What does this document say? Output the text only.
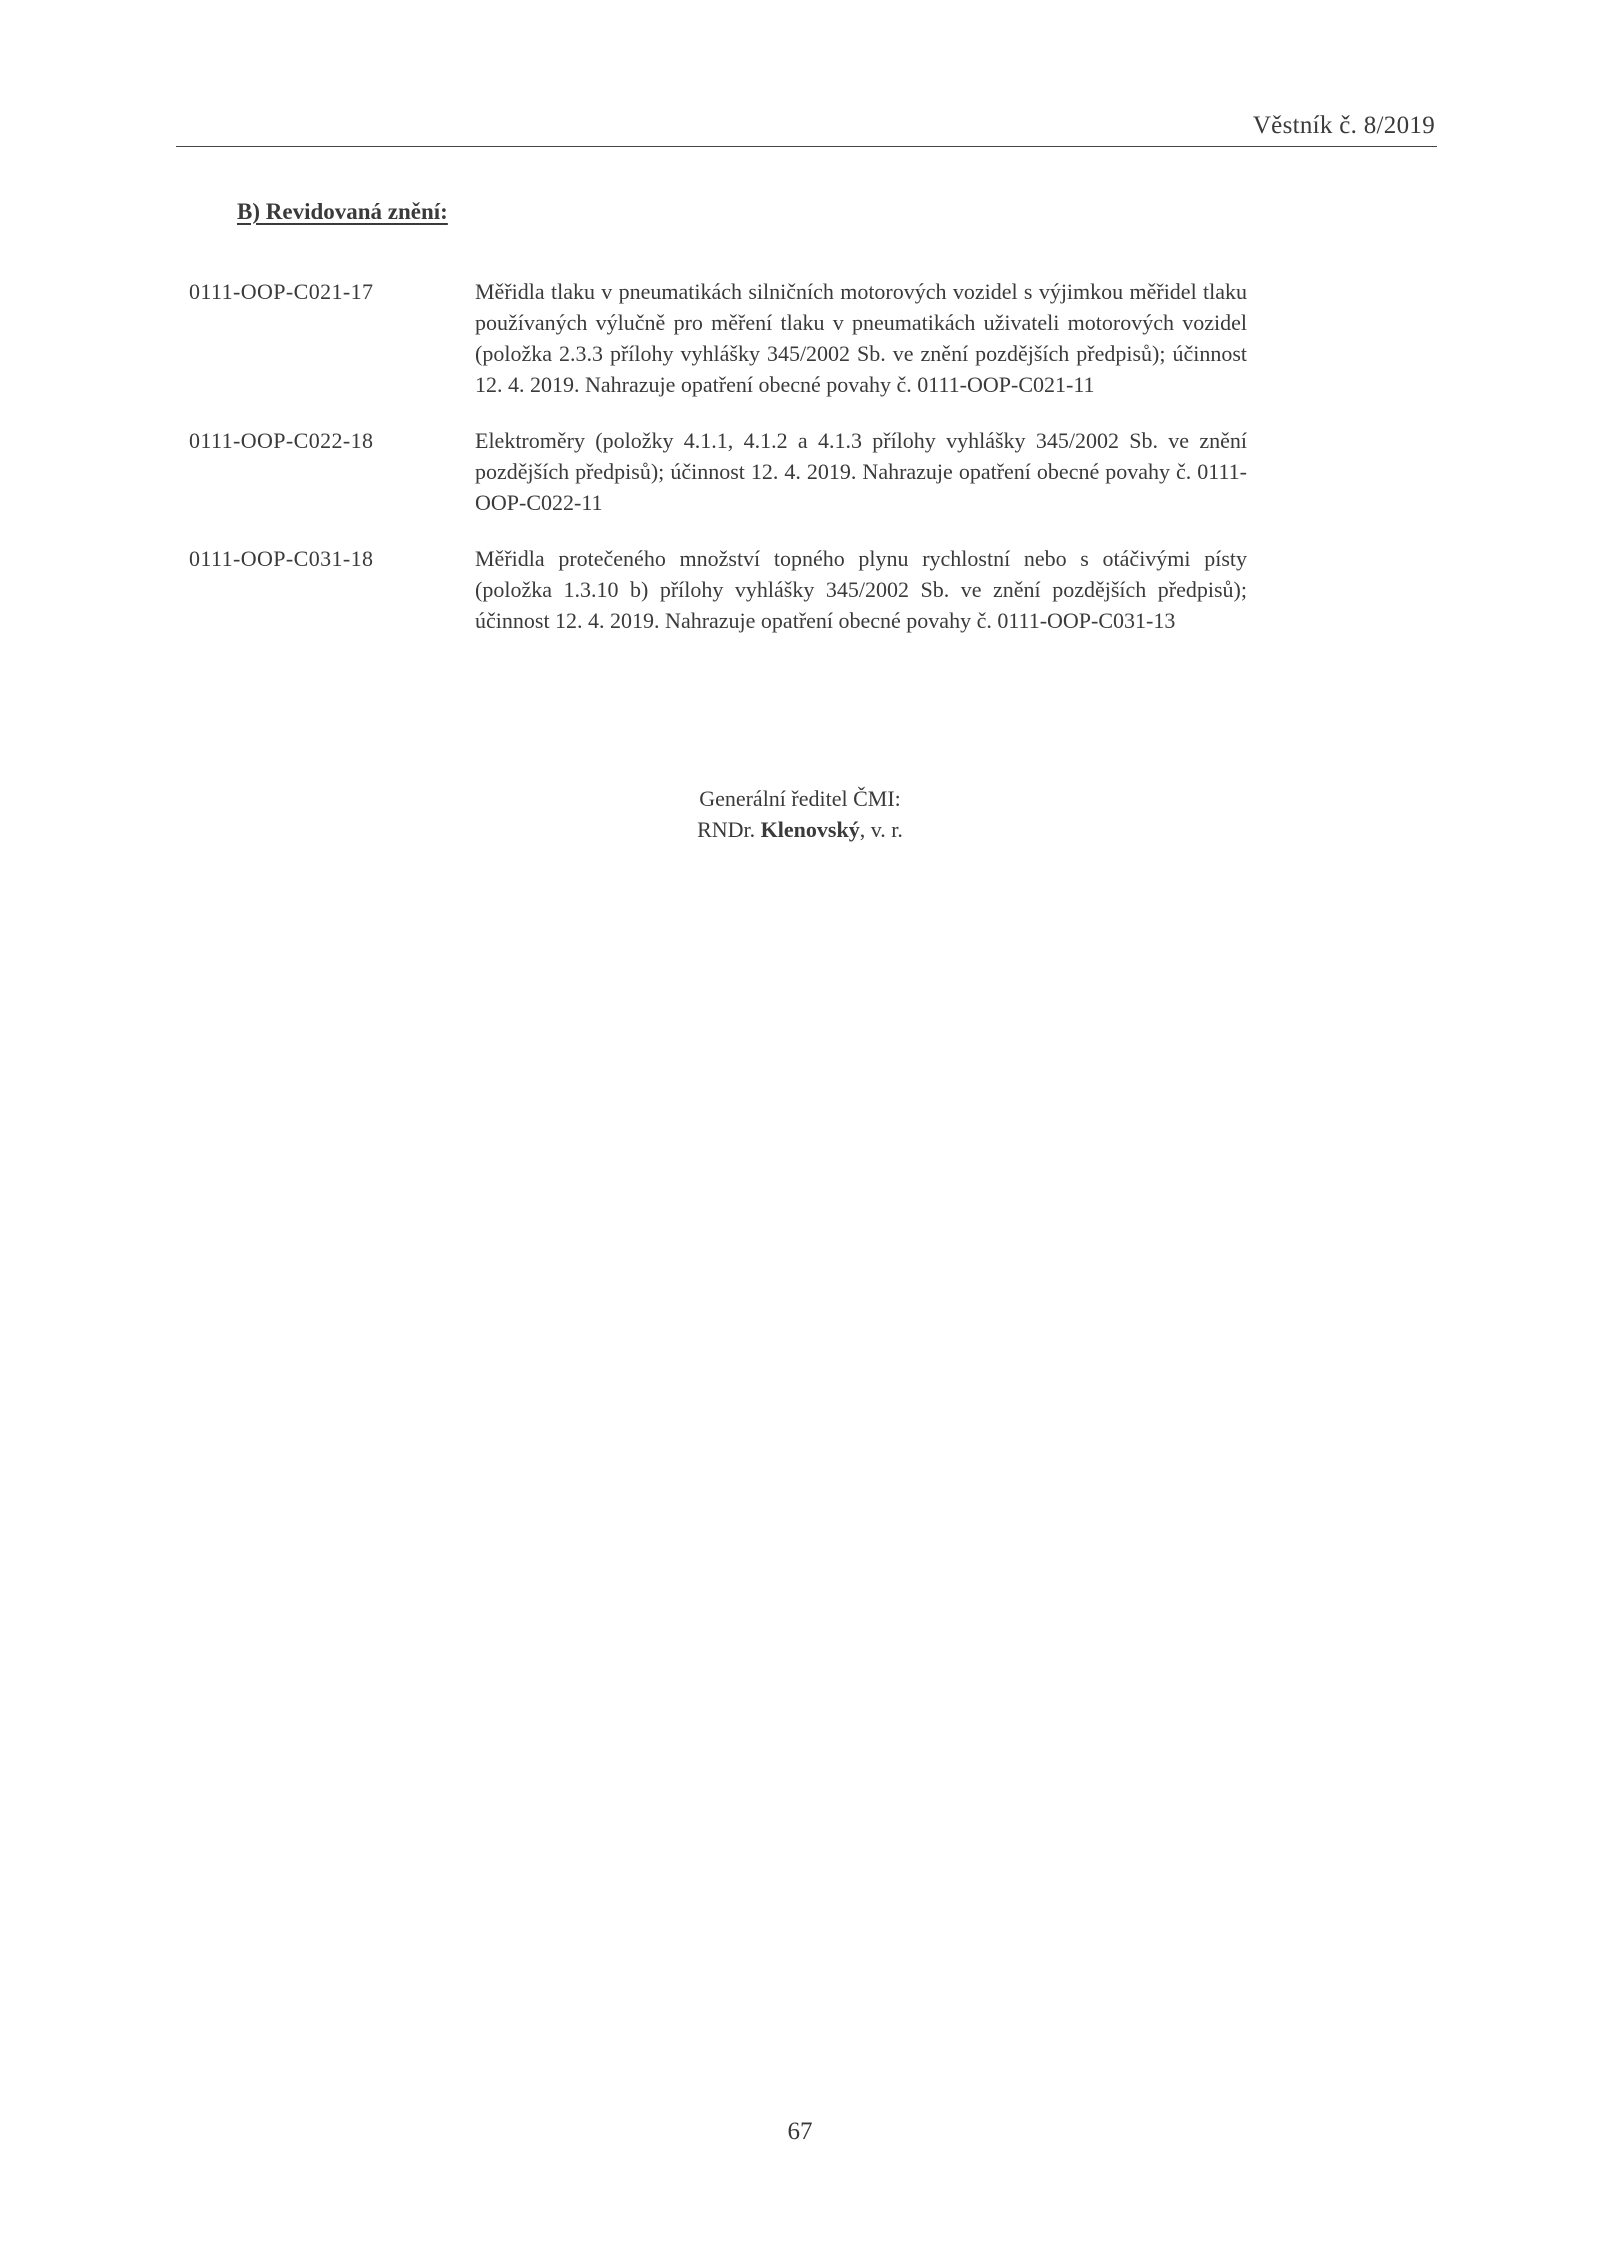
Věstník č. 8/2019
B) Revidovaná znění:
0111-OOP-C021-17	Měřidla tlaku v pneumatikách silničních motorových vozidel s výjimkou měřidel tlaku používaných výlučně pro měření tlaku v pneumatikách uživateli motorových vozidel (položka 2.3.3 přílohy vyhlášky 345/2002 Sb. ve znění pozdějších předpisů); účinnost 12. 4. 2019. Nahrazuje opatření obecné povahy č. 0111-OOP-C021-11
0111-OOP-C022-18	Elektroměry (položky 4.1.1, 4.1.2 a 4.1.3 přílohy vyhlášky 345/2002 Sb. ve znění pozdějších předpisů); účinnost 12. 4. 2019. Nahrazuje opatření obecné povahy č. 0111-OOP-C022-11
0111-OOP-C031-18	Měřidla protečeného množství topného plynu rychlostní nebo s otáčivými písty (položka 1.3.10 b) přílohy vyhlášky 345/2002 Sb. ve znění pozdějších předpisů); účinnost 12. 4. 2019. Nahrazuje opatření obecné povahy č. 0111-OOP-C031-13
Generální ředitel ČMI:
RNDr. Klenovský, v. r.
67
